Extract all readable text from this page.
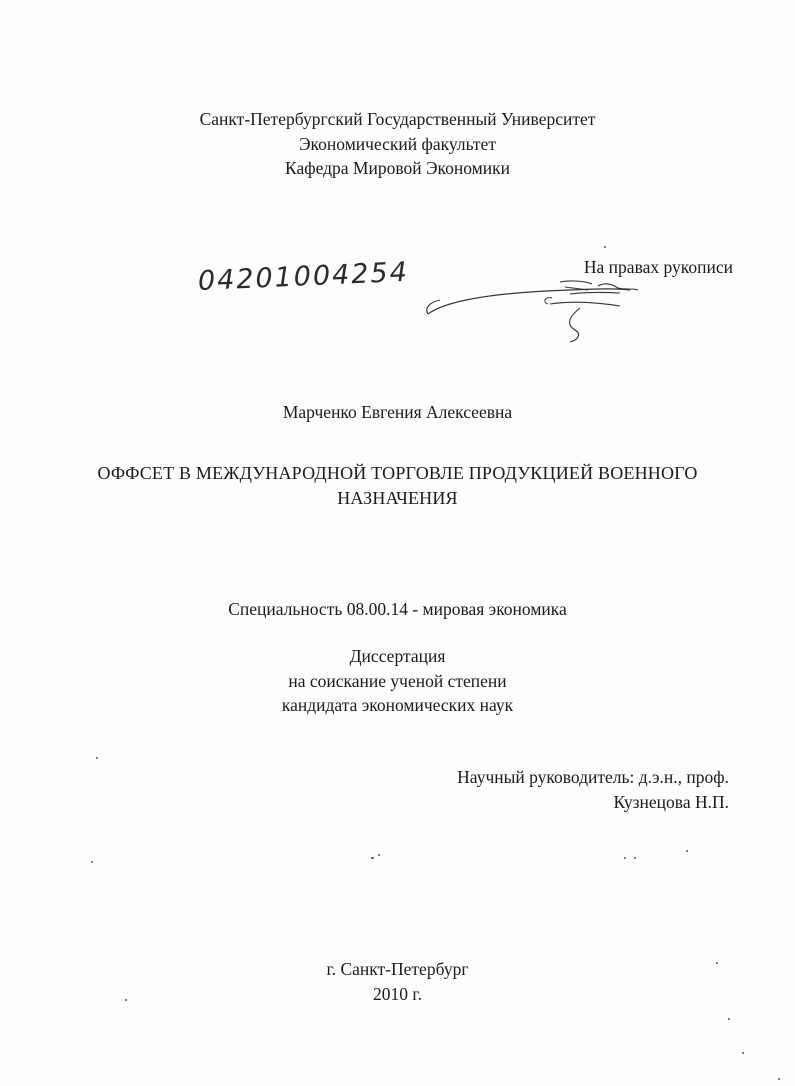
Санкт-Петербургский Государственный Университет
Экономический факультет
Кафедра Мировой Экономики
На правах рукописи
04201004254
Марченко Евгения Алексеевна
ОФФСЕТ В МЕЖДУНАРОДНОЙ ТОРГОВЛЕ ПРОДУКЦИЕЙ ВОЕННОГО
НАЗНАЧЕНИЯ
Специальность 08.00.14 - мировая экономика
Диссертация
на соискание ученой степени
кандидата экономических наук
Научный руководитель: д.э.н., проф.
Кузнецова Н.П.
г. Санкт-Петербург
2010 г.
